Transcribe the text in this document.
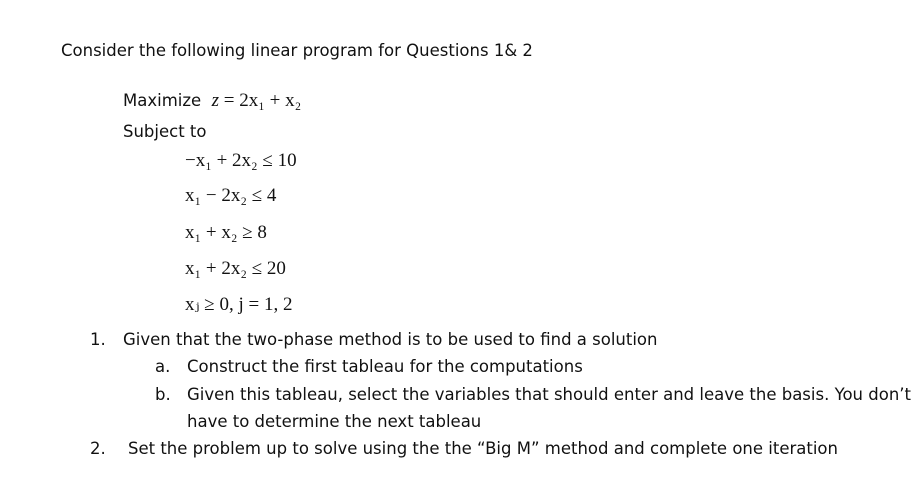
Consider the following linear program for Questions 1& 2
Maximize z = 2x₁ + x₂
Subject to
−x₁ + 2x₂ ≤ 10
x₁ − 2x₂ ≤ 4
x₁ + x₂ ≥ 8
x₁ + 2x₂ ≤ 20
xⱼ ≥ 0, j = 1, 2
1. Given that the two-phase method is to be used to find a solution
a. Construct the first tableau for the computations
b. Given this tableau, select the variables that should enter and leave the basis. You don’t
have to determine the next tableau
2. Set the problem up to solve using the the “Big M” method and complete one iteration
